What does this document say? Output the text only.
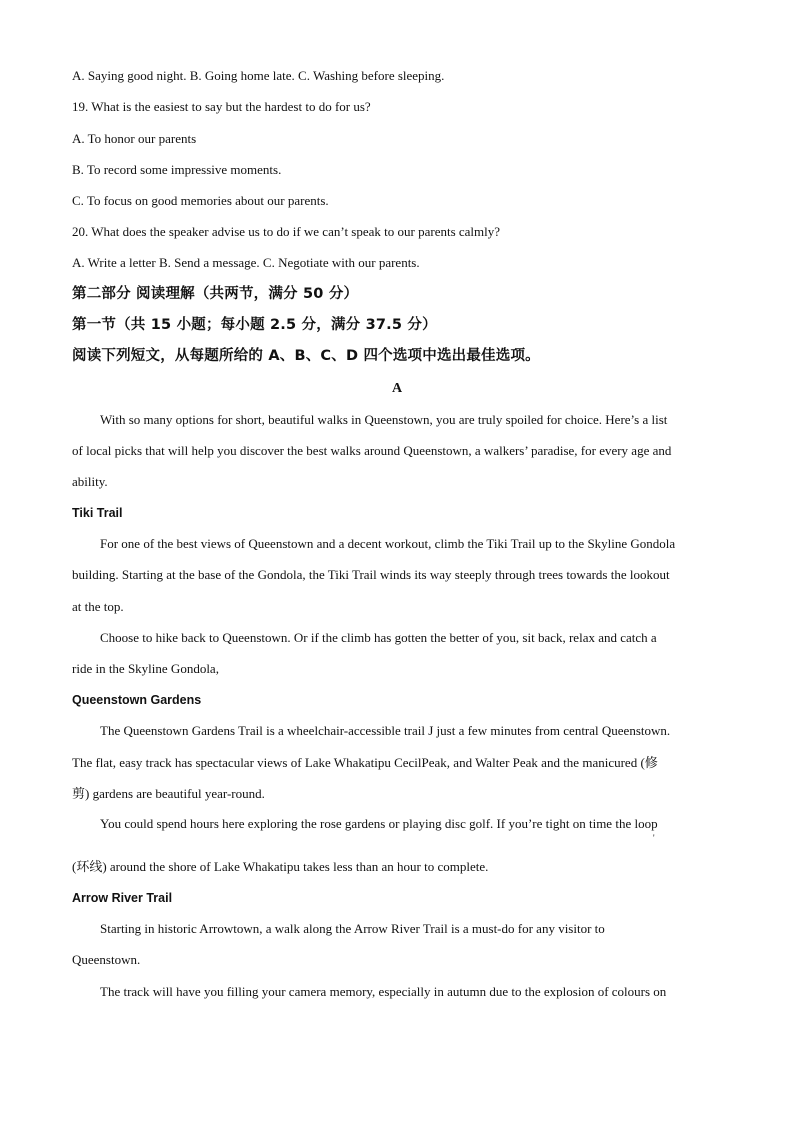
A. Saying good night. B. Going home late. C. Washing before sleeping.
19. What is the easiest to say but the hardest to do for us?
A. To honor our parents
B. To record some impressive moments.
C. To focus on good memories about our parents.
20. What does the speaker advise us to do if we can’t speak to our parents calmly?
A. Write a letter B. Send a message. C. Negotiate with our parents.
第二部分 阅读理解（共两节，满分 50 分）
第一节（共 15 小题；每小题 2.5 分，满分 37.5 分）
阅读下列短文，从每题所给的 A、B、C、D 四个选项中选出最佳选项。
A
With so many options for short, beautiful walks in Queenstown, you are truly spoiled for choice. Here’s a list
of local picks that will help you discover the best walks around Queenstown, a walkers’ paradise, for every age and
ability.
Tiki Trail
For one of the best views of Queenstown and a decent workout, climb the Tiki Trail up to the Skyline Gondola
building. Starting at the base of the Gondola, the Tiki Trail winds its way steeply through trees towards the lookout
at the top.
Choose to hike back to Queenstown. Or if the climb has gotten the better of you, sit back, relax and catch a
ride in the Skyline Gondola,
Queenstown Gardens
The Queenstown Gardens Trail is a wheelchair-accessible trail J just a few minutes from central Queenstown.
The flat, easy track has spectacular views of Lake Whakatipu CecilPeak, and Walter Peak and the manicured (修
剪) gardens are beautiful year-round.
You could spend hours here exploring the rose gardens or playing disc golf. If you’re tight on time the loop
'
(环线) around the shore of Lake Whakatipu takes less than an hour to complete.
Arrow River Trail
Starting in historic Arrowtown, a walk along the Arrow River Trail is a must-do for any visitor to
Queenstown.
The track will have you filling your camera memory, especially in autumn due to the explosion of colours on
